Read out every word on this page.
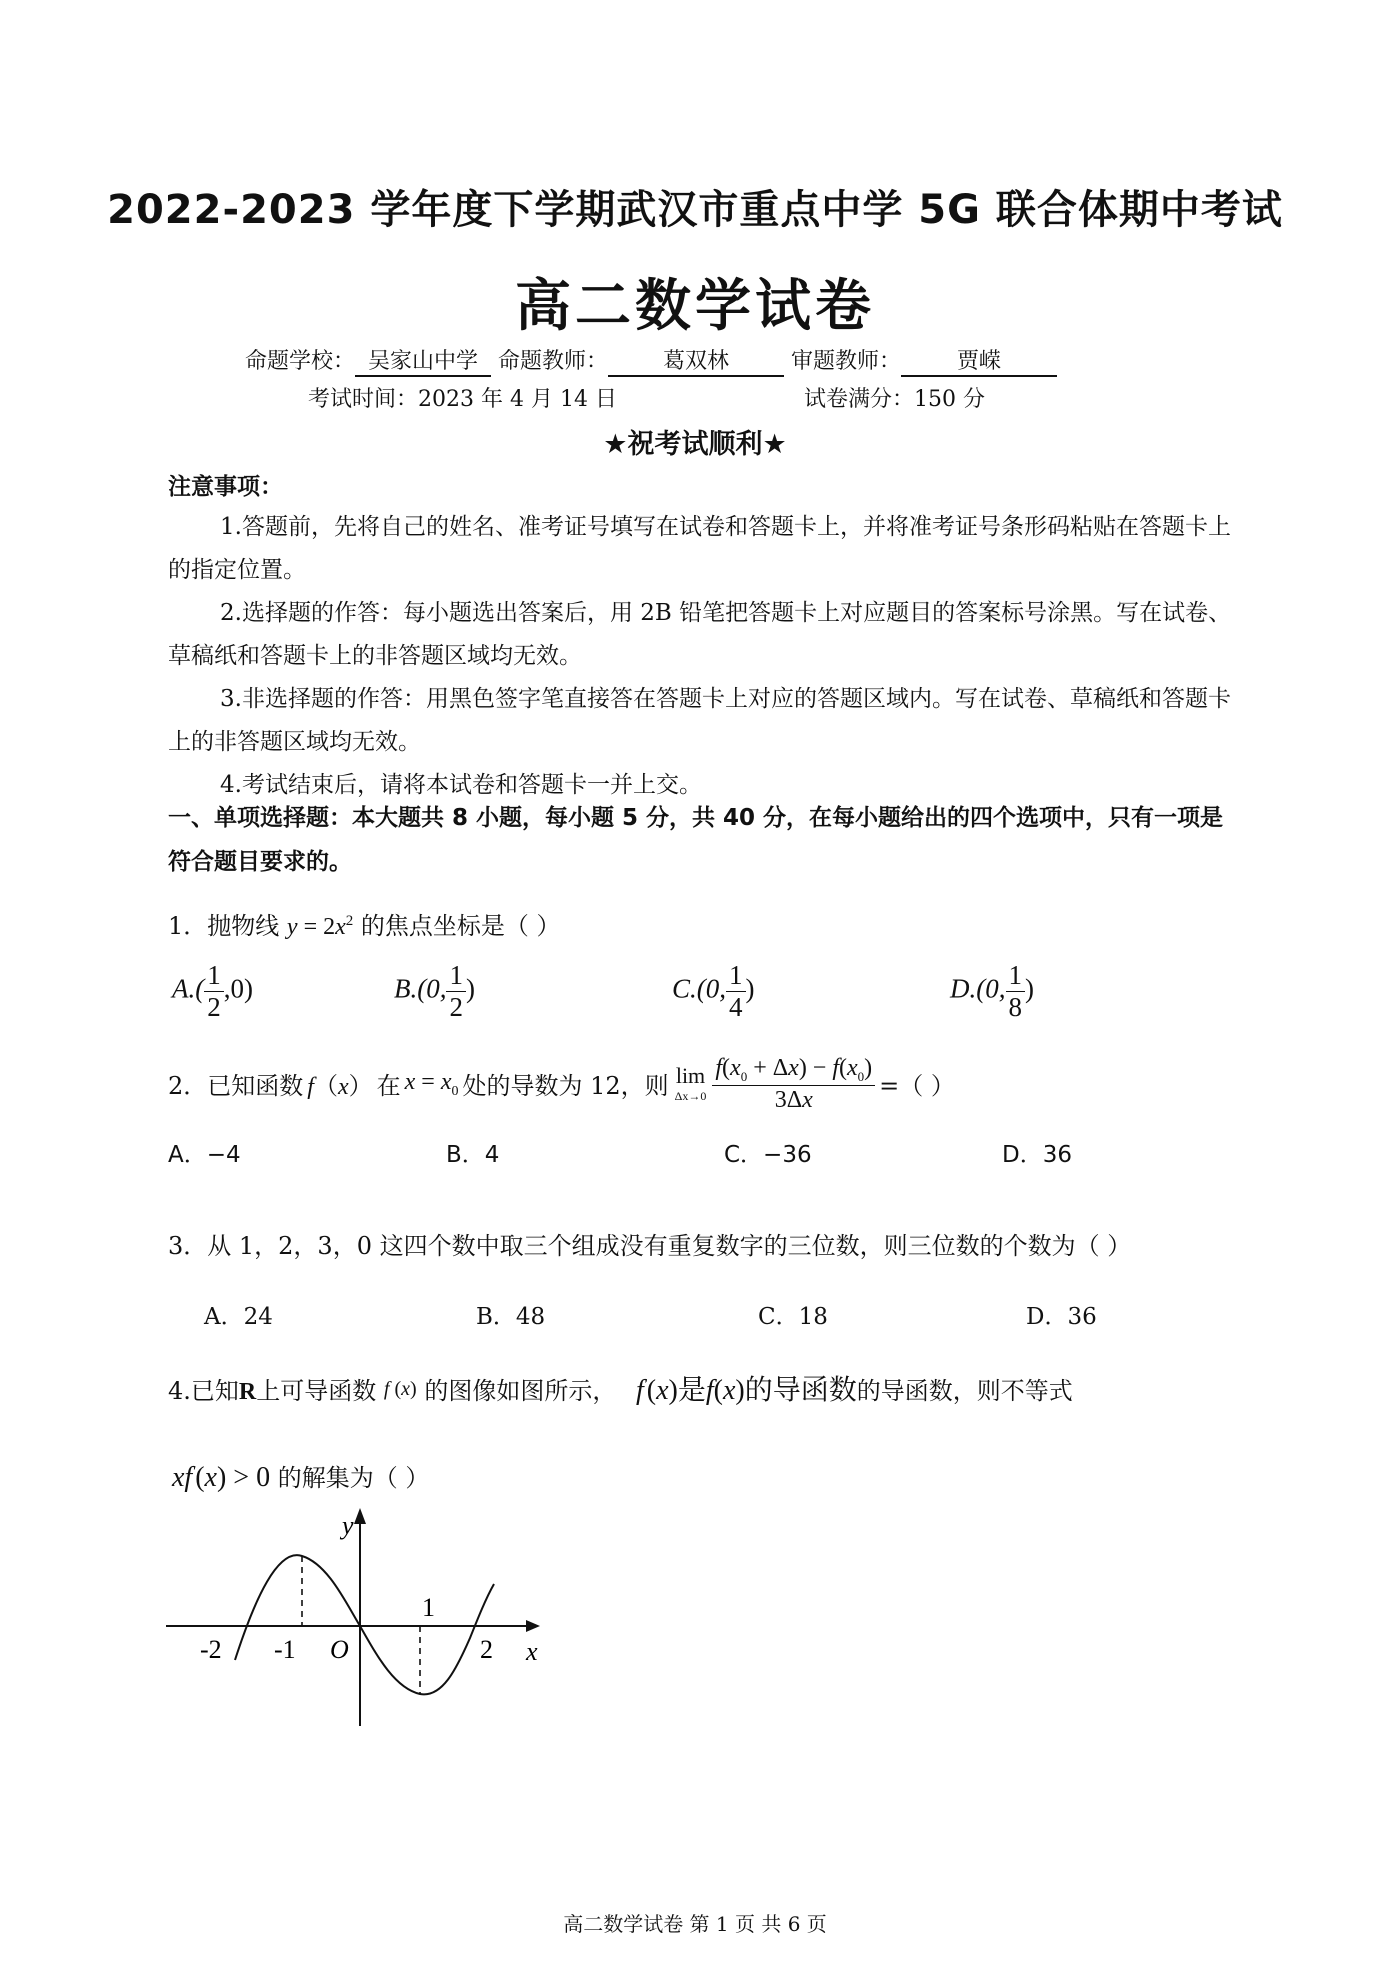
2022-2023 学年度下学期武汉市重点中学 5G 联合体期中考试
高二数学试卷
命题学校： 吴家山中学 命题教师： 葛双林	审题教师：	贾嵘
考试时间：2023 年 4 月 14 日	试卷满分：150 分
★祝考试顺利★
注意事项：

1.答题前，先将自己的姓名、准考证号填写在试卷和答题卡上，并将准考证号条形码粘贴在答题卡上的指定位置。

2.选择题的作答：每小题选出答案后，用 2B 铅笔把答题卡上对应题目的答案标号涂黑。写在试卷、草稿纸和答题卡上的非答题区域均无效。

3.非选择题的作答：用黑色签字笔直接答在答题卡上对应的答题区域内。写在试卷、草稿纸和答题卡上的非答题区域均无效。

4.考试结束后，请将本试卷和答题卡一并上交。

一、单项选择题：本大题共 8 小题，每小题 5 分，共 40 分，在每小题给出的四个选项中，只有一项是符合题目要求的。
1．抛物线 $y = 2x^2$ 的焦点坐标是（ ）
$A.( \frac{1}{2} ,0)$	B.(0, $\frac{1}{2}$ )	C.(0, $\frac{1}{4}$ )	D.(0, $\frac{1}{8}$ )
2．已知函数 f（x） 在 $x = x_0$ 处的导数为 12，则 lim
$\Delta x\to 0 \frac{f(x_0 + \Delta x) - f(x_0)}{3\Delta x}$ =（ ）
A．−4	B．4	C．−36	D．36
3．从 1，2，3，0 这四个数中取三个组成没有重复数字的三位数，则三位数的个数为（ ）
A．24	B．48	C．18	D．36
4.已知R上可导函数 f (x) 的图像如图所示， f'(x)是f(x)的导函数的导函数，则不等式
xf'(x) > 0 的解集为（ ）
y
x
O
-2 -1
1
2
高二数学试卷 第 1 页 共 6 页
